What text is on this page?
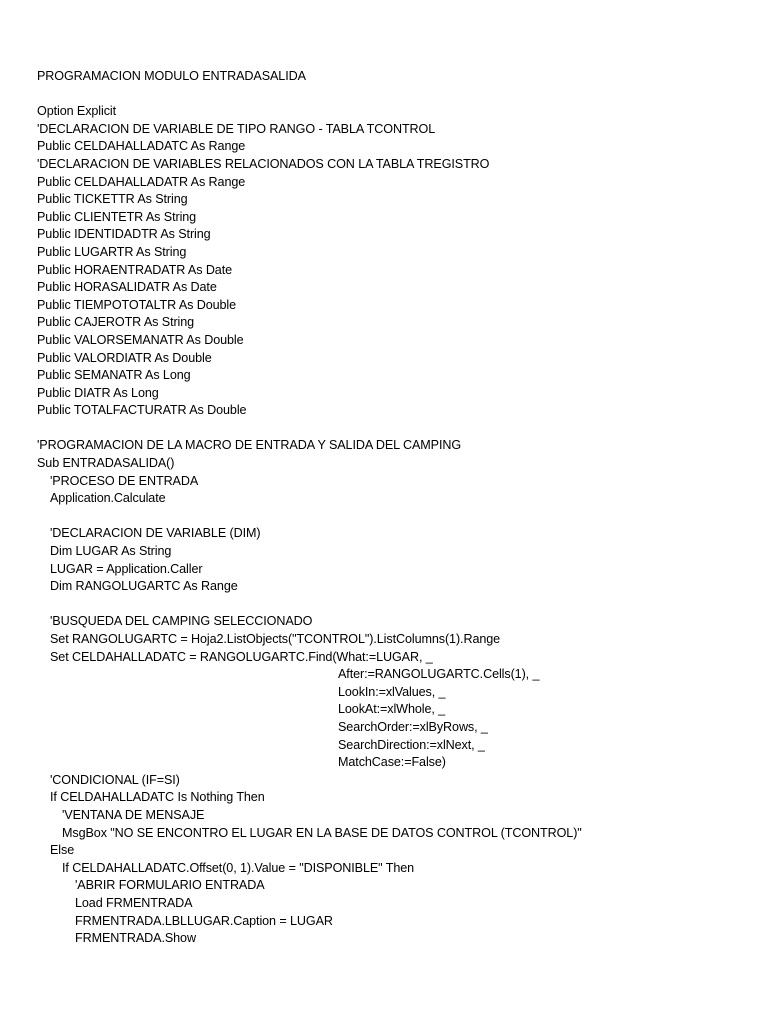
PROGRAMACION MODULO ENTRADASALIDA
Option Explicit
'DECLARACION DE VARIABLE DE TIPO RANGO - TABLA TCONTROL
Public CELDAHALLADATC As Range
'DECLARACION DE VARIABLES RELACIONADOS CON LA TABLA TREGISTRO
Public CELDAHALLADATR As Range
Public TICKETTR As String
Public CLIENTETR As String
Public IDENTIDADTR As String
Public LUGARTR As String
Public HORAENTRADATR As Date
Public HORASALIDATR As Date
Public TIEMPOTOTALTR As Double
Public CAJEROTR As String
Public VALORSEMANATR As Double
Public VALORDIATR As Double
Public SEMANATR As Long
Public DIATR As Long
Public TOTALFACTURATR As Double
'PROGRAMACION DE LA MACRO DE ENTRADA Y SALIDA DEL CAMPING
Sub ENTRADASALIDA()
'PROCESO DE ENTRADA
Application.Calculate
'DECLARACION DE VARIABLE (DIM)
Dim LUGAR As String
LUGAR = Application.Caller
Dim RANGOLUGARTC As Range
'BUSQUEDA DEL CAMPING SELECCIONADO
Set RANGOLUGARTC = Hoja2.ListObjects("TCONTROL").ListColumns(1).Range
Set CELDAHALLADATC = RANGOLUGARTC.Find(What:=LUGAR, _
After:=RANGOLUGARTC.Cells(1), _
LookIn:=xlValues, _
LookAt:=xlWhole, _
SearchOrder:=xlByRows, _
SearchDirection:=xlNext, _
MatchCase:=False)
'CONDICIONAL (IF=SI)
If CELDAHALLADATC Is Nothing Then
'VENTANA DE MENSAJE
MsgBox "NO SE ENCONTRO EL LUGAR EN LA BASE DE DATOS CONTROL (TCONTROL)"
Else
If CELDAHALLADATC.Offset(0, 1).Value = "DISPONIBLE" Then
'ABRIR FORMULARIO ENTRADA
Load FRMENTRADA
FRMENTRADA.LBLLUGAR.Caption = LUGAR
FRMENTRADA.Show
